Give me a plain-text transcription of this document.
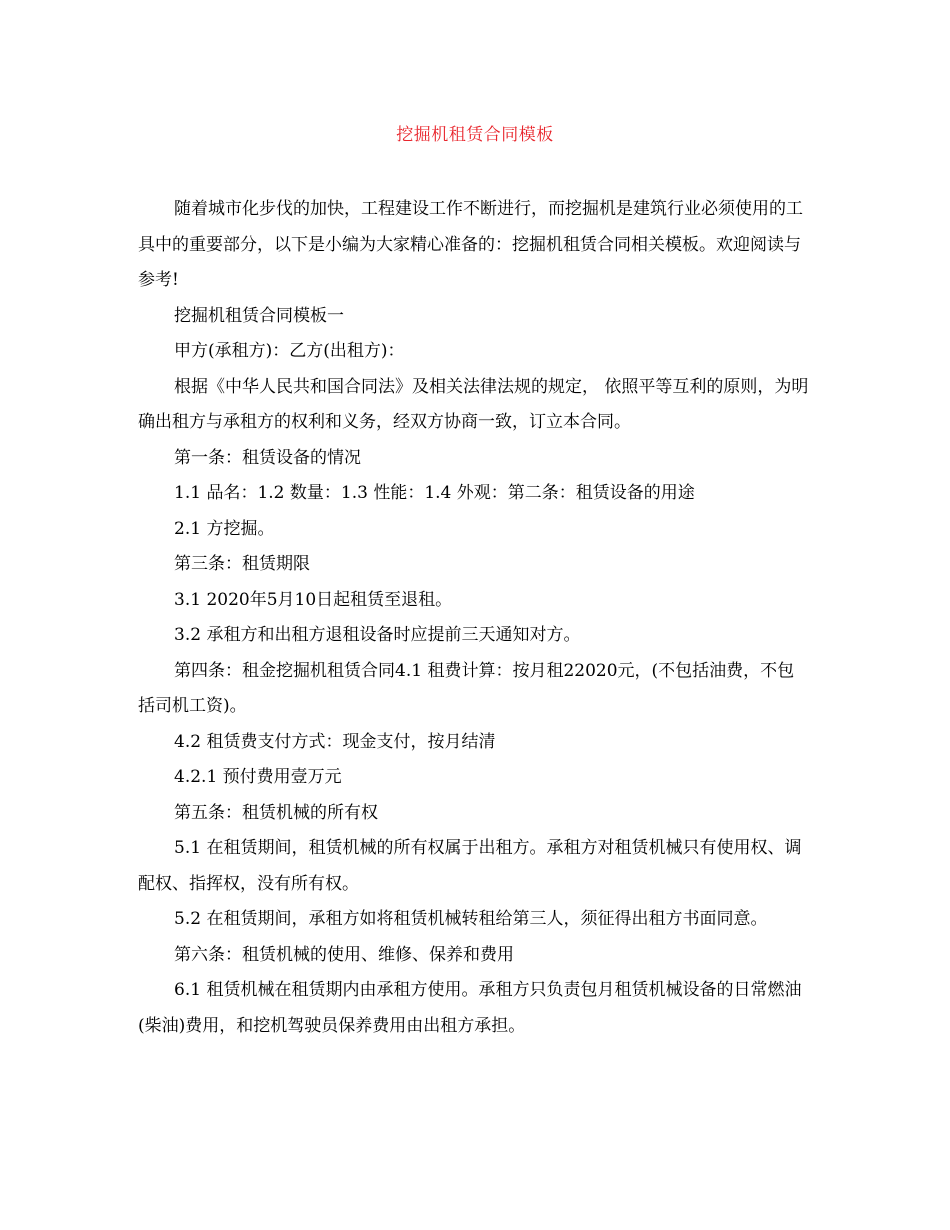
挖掘机租赁合同模板

随着城市化步伐的加快，工程建设工作不断进行，而挖掘机是建筑行业必须使用的工具中的重要部分，以下是小编为大家精心准备的：挖掘机租赁合同相关模板。欢迎阅读与参考!

挖掘机租赁合同模板一

甲方(承租方)：乙方(出租方)：

根据《中华人民共和国合同法》及相关法律法规的规定， 依照平等互利的原则，为明确出租方与承租方的权利和义务，经双方协商一致，订立本合同。

第一条：租赁设备的情况

1.1 品名：1.2 数量：1.3 性能：1.4 外观：第二条：租赁设备的用途

2.1 方挖掘。

第三条：租赁期限

3.1 2020年5月10日起租赁至退租。

3.2 承租方和出租方退租设备时应提前三天通知对方。

第四条：租金挖掘机租赁合同4.1 租费计算：按月租22020元，(不包括油费，不包括司机工资)。

4.2 租赁费支付方式：现金支付，按月结清

4.2.1 预付费用壹万元

第五条：租赁机械的所有权

5.1 在租赁期间，租赁机械的所有权属于出租方。承租方对租赁机械只有使用权、调配权、指挥权，没有所有权。

5.2 在租赁期间，承租方如将租赁机械转租给第三人，须征得出租方书面同意。

第六条：租赁机械的使用、维修、保养和费用

6.1 租赁机械在租赁期内由承租方使用。承租方只负责包月租赁机械设备的日常燃油(柴油)费用，和挖机驾驶员保养费用由出租方承担。
